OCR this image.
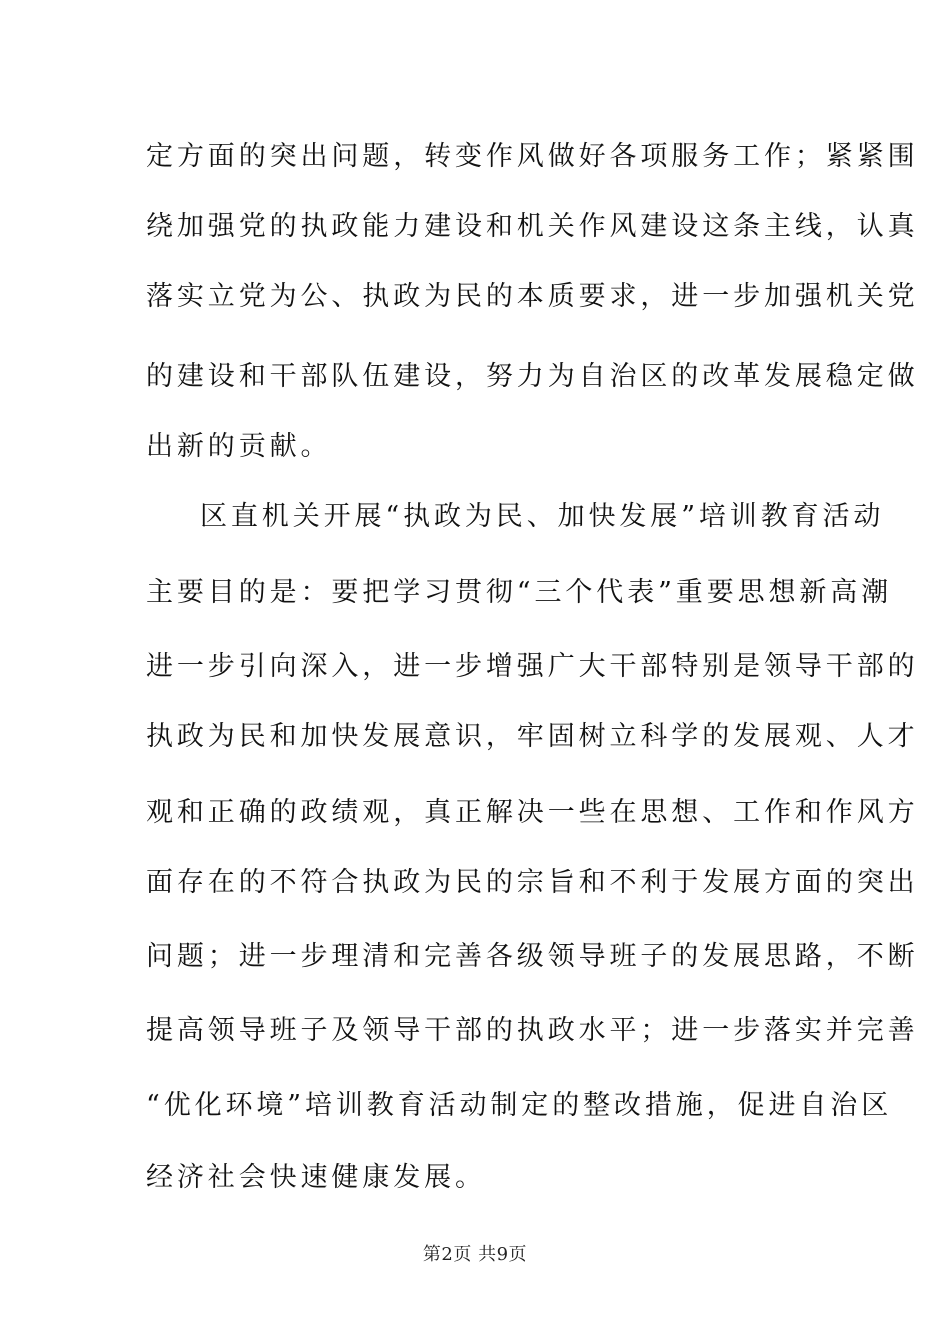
定方面的突出问题，转变作风做好各项服务工作；紧紧围
绕加强党的执政能力建设和机关作风建设这条主线，认真
落实立党为公、执政为民的本质要求，进一步加强机关党
的建设和干部队伍建设，努力为自治区的改革发展稳定做
出新的贡献。
区直机关开展“执政为民、加快发展”培训教育活动
主要目的是：要把学习贯彻“三个代表”重要思想新高潮
进一步引向深入，进一步增强广大干部特别是领导干部的
执政为民和加快发展意识，牢固树立科学的发展观、人才
观和正确的政绩观，真正解决一些在思想、工作和作风方
面存在的不符合执政为民的宗旨和不利于发展方面的突出
问题；进一步理清和完善各级领导班子的发展思路，不断
提高领导班子及领导干部的执政水平；进一步落实并完善
“优化环境”培训教育活动制定的整改措施，促进自治区
经济社会快速健康发展。
第2页 共9页
